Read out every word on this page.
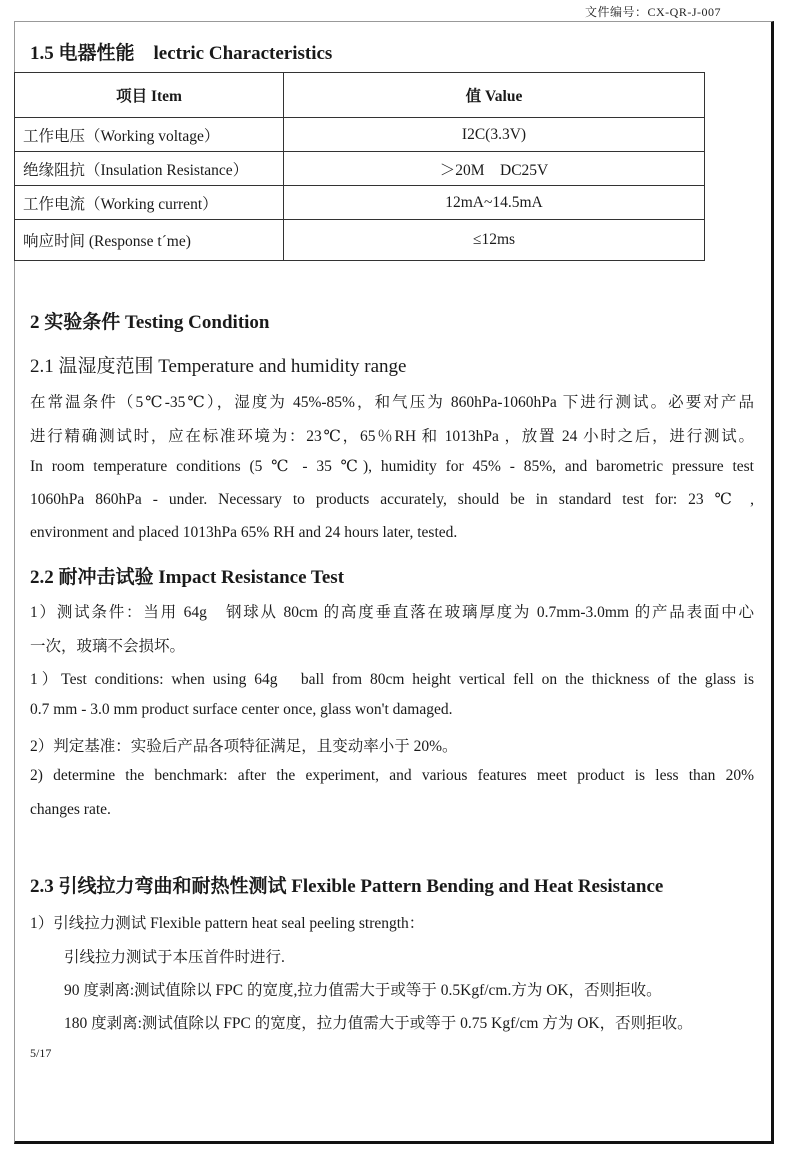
文件编号：CX-QR-J-007
1.5 电器性能　lectric Characteristics
项目 Item	值 Value
工作电压（Working voltage）	I2C(3.3V)
绝缘阻抗（Insulation Resistance）	＞20M　DC25V
工作电流（Working current）	12mA~14.5mA
响应时间 (Response t´me)	≤12ms
2 实验条件 Testing Condition
2.1 温湿度范围 Temperature and humidity range
在常温条件（5℃-35℃），湿度为 45%-85%，和气压为 860hPa-1060hPa 下进行测试。必要对产品
进行精确测试时，应在标准环境为：23℃，65％RH 和 1013hPa ，放置 24 小时之后，进行测试。
In room temperature conditions (5 ℃ - 35 ℃), humidity for 45% - 85%, and barometric pressure test
1060hPa 860hPa - under. Necessary to products accurately, should be in standard test for: 23 ℃ ,
environment and placed 1013hPa 65% RH and 24 hours later, tested.
2.2 耐冲击试验 Impact Resistance Test
1）测试条件：当用 64g　钢球从 80cm 的高度垂直落在玻璃厚度为 0.7mm-3.0mm 的产品表面中心
一次，玻璃不会损坏。
1）Test conditions: when using 64g　ball from 80cm height vertical fell on the thickness of the glass is
0.7 mm - 3.0 mm product surface center once, glass won't damaged.
2）判定基准：实验后产品各项特征满足，且变动率小于 20%。
2) determine the benchmark: after the experiment, and various features meet product is less than 20%
changes rate.
2.3 引线拉力弯曲和耐热性测试 Flexible Pattern Bending and Heat Resistance
1）引线拉力测试 Flexible pattern heat seal peeling strength：
引线拉力测试于本压首件时进行.
90 度剥离:测试值除以 FPC 的宽度,拉力值需大于或等于 0.5Kgf/cm.方为 OK，否则拒收。
180 度剥离:测试值除以 FPC 的宽度，拉力值需大于或等于 0.75 Kgf/cm 方为 OK，否则拒收。
5/17
